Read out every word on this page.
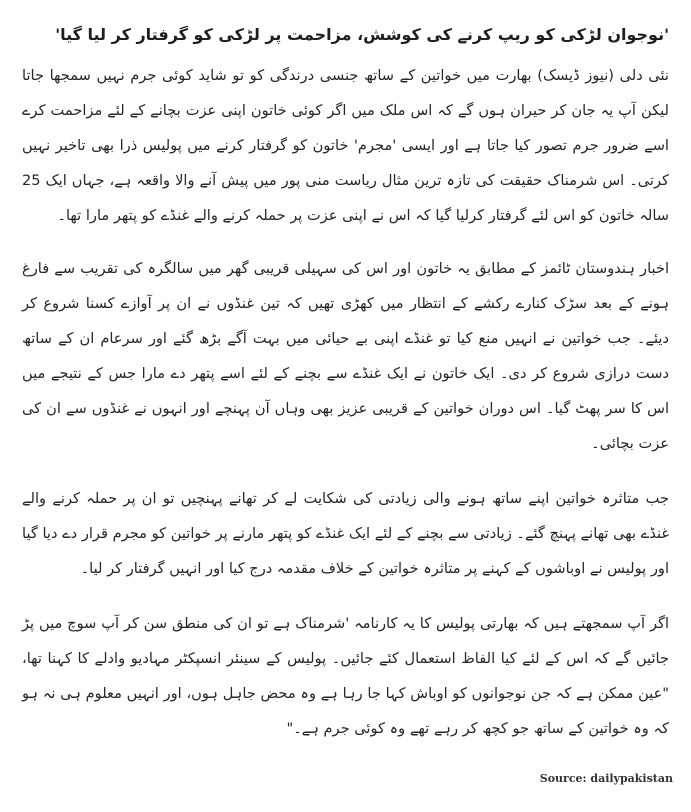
'نوجوان لڑکی کو ریپ کرنے کی کوشش، مزاحمت پر لڑکی کو گرفتار کر لیا گیا'

نئی دلی (نیوز ڈیسک) بھارت میں خواتین کے ساتھ جنسی درندگی کو تو شاید کوئی جرم نہیں سمجھا جاتا لیکن آپ یہ جان کر حیران ہوں گے کہ اس ملک میں اگر کوئی خاتون اپنی عزت بچانے کے لئے مزاحمت کرے اسے ضرور جرم تصور کیا جاتا ہے اور ایسی 'مجرم' خاتون کو گرفتار کرنے میں پولیس ذرا بھی تاخیر نہیں کرتی۔ اس شرمناک حقیقت کی تازہ ترین مثال ریاست منی پور میں پیش آنے والا واقعہ ہے، جہاں ایک 25 سالہ خاتون کو اس لئے گرفتار کرلیا گیا کہ اس نے اپنی عزت پر حملہ کرنے والے غنڈے کو پتھر مارا تھا۔

اخبار ہندوستان ٹائمز کے مطابق یہ خاتون اور اس کی سہیلی قریبی گھر میں سالگرہ کی تقریب سے فارغ ہونے کے بعد سڑک کنارے رکشے کے انتظار میں کھڑی تھیں کہ تین غنڈوں نے ان پر آوازے کسنا شروع کر دیئے۔ جب خواتین نے انہیں منع کیا تو غنڈے اپنی بے حیائی میں بہت آگے بڑھ گئے اور سرعام ان کے ساتھ دست درازی شروع کر دی۔ ایک خاتون نے ایک غنڈے سے بچنے کے لئے اسے پتھر دے مارا جس کے نتیجے میں اس کا سر پھٹ گیا۔ اس دوران خواتین کے قریبی عزیز بھی وہاں آن پہنچے اور انہوں نے غنڈوں سے ان کی عزت بچائی۔

جب متاثرہ خواتین اپنے ساتھ ہونے والی زیادتی کی شکایت لے کر تھانے پہنچیں تو ان پر حملہ کرنے والے غنڈے بھی تھانے پہنچ گئے۔ زیادتی سے بچنے کے لئے ایک غنڈے کو پتھر مارنے پر خواتین کو مجرم قرار دے دیا گیا اور پولیس نے اوباشوں کے کہنے پر متاثرہ خواتین کے خلاف مقدمہ درج کیا اور انہیں گرفتار کر لیا۔

اگر آپ سمجھتے ہیں کہ بھارتی پولیس کا یہ کارنامہ 'شرمناک ہے تو ان کی منطق سن کر آپ سوچ میں پڑ جائیں گے کہ اس کے لئے کیا الفاظ استعمال کئے جائیں۔ پولیس کے سینئر انسپکٹر مہادیو وادلے کا کہنا تھا، "عین ممکن ہے کہ جن نوجوانوں کو اوباش کہا جا رہا ہے وہ محض جاہل ہوں، اور انہیں معلوم ہی نہ ہو کہ وہ خواتین کے ساتھ جو کچھ کر رہے تھے وہ کوئی جرم ہے۔"

Source: dailypakistan
